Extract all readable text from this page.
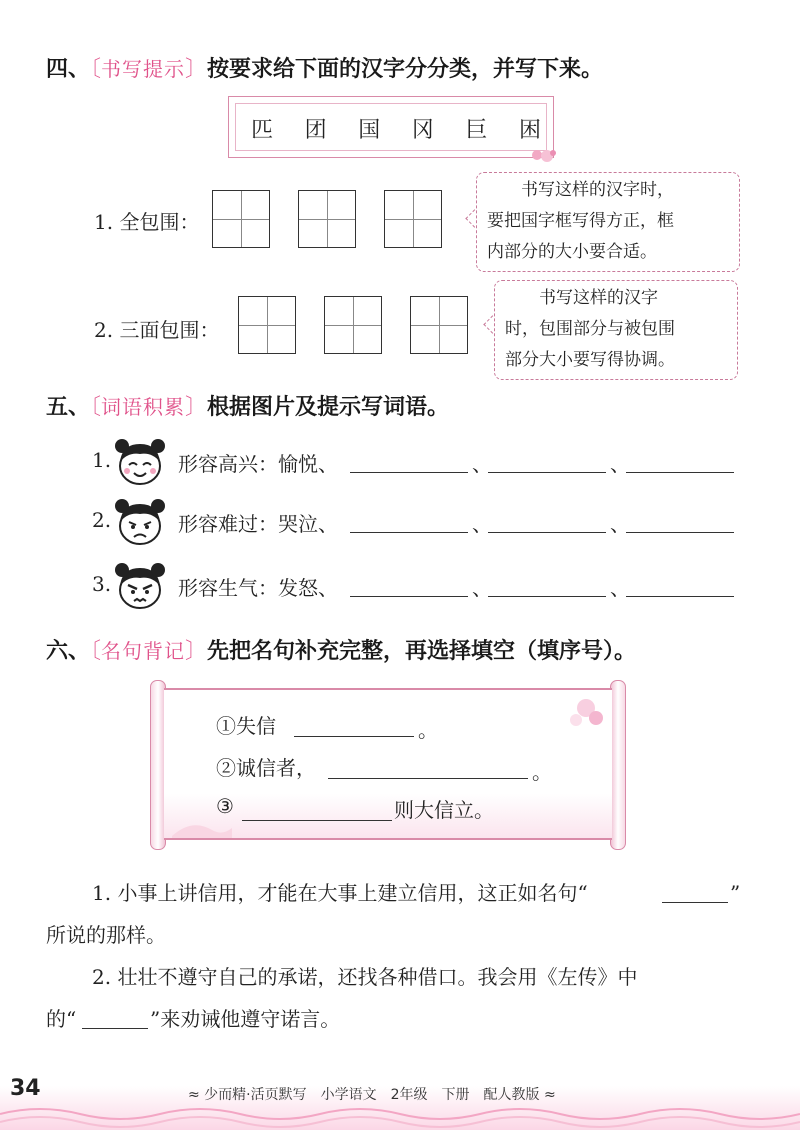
四、〔书写提示〕按要求给下面的汉字分分类，并写下来。
匹 团 国 冈 巨 困
1. 全包围：
书写这样的汉字时，
要把国字框写得方正，框
内部分的大小要合适。
2. 三面包围：
书写这样的汉字
时，包围部分与被包围
部分大小要写得协调。
五、〔词语积累〕根据图片及提示写词语。
1.	形容高兴：愉悦、	、	、
2.	形容难过：哭泣、	、	、
3.	形容生气：发怒、	、	、
六、〔名句背记〕先把名句补充完整，再选择填空（填序号）。
①失信	。
②诚信者，	。
③	则大信立。
1. 小事上讲信用，才能在大事上建立信用，这正如名句“	”
所说的那样。
2. 壮壮不遵守自己的承诺，还找各种借口。我会用《左传》中
的“	”来劝诫他遵守诺言。
34	≈ 少而精·活页默写　小学语文　2年级　下册　配人教版 ≈
